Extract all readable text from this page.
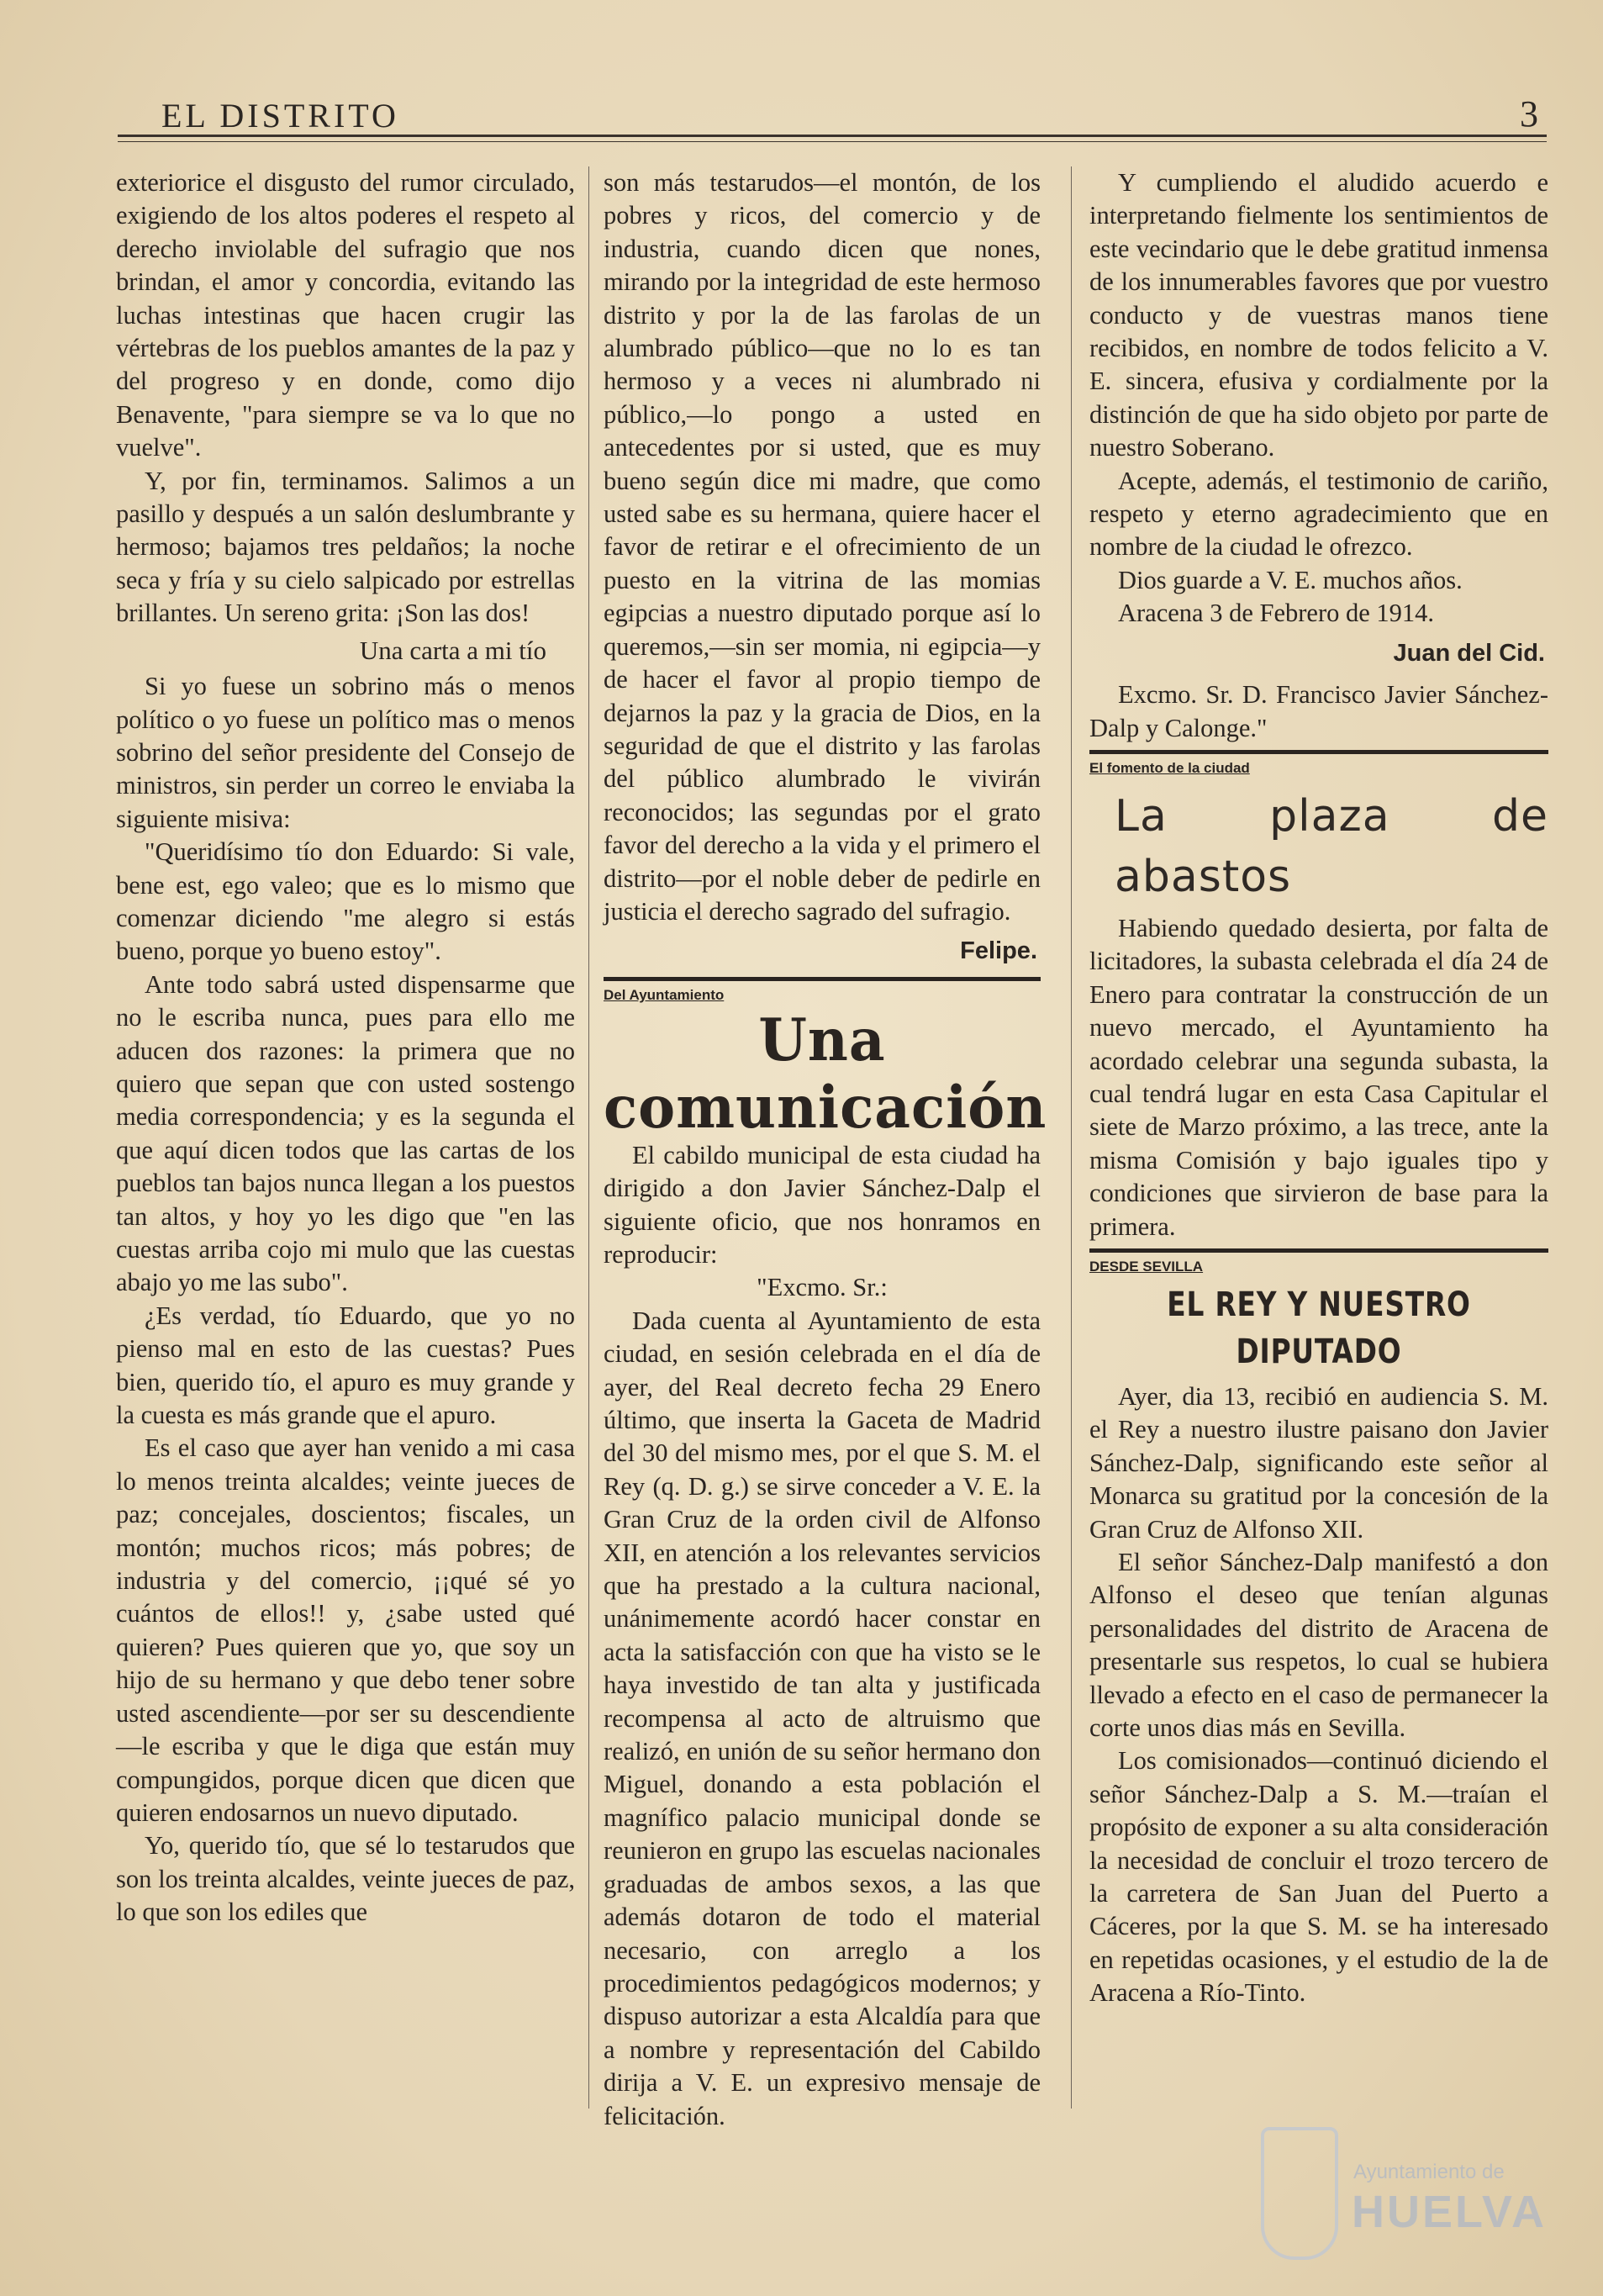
EL DISTRITO	3

exteriorice el disgusto del rumor circulado, exigiendo de los altos poderes el respeto al derecho inviolable del sufragio que nos brindan, el amor y concordia, evitando las luchas intestinas que hacen crugir las vértebras de los pueblos amantes de la paz y del progreso y en donde, como dijo Benavente, "para siempre se va lo que no vuelve".

Y, por fin, terminamos. Salimos a un pasillo y después a un salón deslumbrante y hermoso; bajamos tres peldaños; la noche seca y fría y su cielo salpicado por estrellas brillantes. Un sereno grita: ¡Son las dos!

Una carta a mi tío

Si yo fuese un sobrino más o menos político o yo fuese un político mas o menos sobrino del señor presidente del Consejo de ministros, sin perder un correo le enviaba la siguiente misiva:

"Queridísimo tío don Eduardo: Si vale, bene est, ego valeo; que es lo mismo que comenzar diciendo "me alegro si estás bueno, porque yo bueno estoy".

Ante todo sabrá usted dispensarme que no le escriba nunca, pues para ello me aducen dos razones: la primera que no quiero que sepan que con usted sostengo media correspondencia; y es la segunda el que aquí dicen todos que las cartas de los pueblos tan bajos nunca llegan a los puestos tan altos, y hoy yo les digo que "en las cuestas arriba cojo mi mulo que las cuestas abajo yo me las subo".

¿Es verdad, tío Eduardo, que yo no pienso mal en esto de las cuestas? Pues bien, querido tío, el apuro es muy grande y la cuesta es más grande que el apuro.

Es el caso que ayer han venido a mi casa lo menos treinta alcaldes; veinte jueces de paz; concejales, doscientos; fiscales, un montón; muchos ricos; más pobres; de industria y del comercio, ¡¡qué sé yo cuántos de ellos!! y, ¿sabe usted qué quieren? Pues quieren que yo, que soy un hijo de su hermano y que debo tener sobre usted ascendiente—por ser su descendiente—le escriba y que le diga que están muy compungidos, porque dicen que dicen que quieren endosarnos un nuevo diputado.

Yo, querido tío, que sé lo testarudos que son los treinta alcaldes, veinte jueces de paz, lo que son los ediles que

son más testarudos—el montón, de los pobres y ricos, del comercio y de industria, cuando dicen que nones, mirando por la integridad de este hermoso distrito y por la de las farolas de un alumbrado público—que no lo es tan hermoso y a veces ni alumbrado ni público,—lo pongo a usted en antecedentes por si usted, que es muy bueno según dice mi madre, que como usted sabe es su hermana, quiere hacer el favor de retirar e el ofrecimiento de un puesto en la vitrina de las momias egipcias a nuestro diputado porque así lo queremos,—sin ser momia, ni egipcia—y de hacer el favor al propio tiempo de dejarnos la paz y la gracia de Dios, en la seguridad de que el distrito y las farolas del público alumbrado le vivirán reconocidos; las segundas por el grato favor del derecho a la vida y el primero el distrito—por el noble deber de pedirle en justicia el derecho sagrado del sufragio.

Felipe.
Del Ayuntamiento
Una comunicación

El cabildo municipal de esta ciudad ha dirigido a don Javier Sánchez-Dalp el siguiente oficio, que nos honramos en reproducir:

"Excmo. Sr.:

Dada cuenta al Ayuntamiento de esta ciudad, en sesión celebrada en el día de ayer, del Real decreto fecha 29 Enero último, que inserta la Gaceta de Madrid del 30 del mismo mes, por el que S. M. el Rey (q. D. g.) se sirve conceder a V. E. la Gran Cruz de la orden civil de Alfonso XII, en atención a los relevantes servicios que ha prestado a la cultura nacional, unánimemente acordó hacer constar en acta la satisfacción con que ha visto se le haya investido de tan alta y justificada recompensa al acto de altruismo que realizó, en unión de su señor hermano don Miguel, donando a esta población el magnífico palacio municipal donde se reunieron en grupo las escuelas nacionales graduadas de ambos sexos, a las que además dotaron de todo el material necesario, con arreglo a los procedimientos pedagógicos modernos; y dispuso autorizar a esta Alcaldía para que a nombre y representación del Cabildo dirija a V. E. un expresivo mensaje de felicitación.

Y cumpliendo el aludido acuerdo e interpretando fielmente los sentimientos de este vecindario que le debe gratitud inmensa de los innumerables favores que por vuestro conducto y de vuestras manos tiene recibidos, en nombre de todos felicito a V. E. sincera, efusiva y cordialmente por la distinción de que ha sido objeto por parte de nuestro Soberano.

Acepte, además, el testimonio de cariño, respeto y eterno agradecimiento que en nombre de la ciudad le ofrezco.

Dios guarde a V. E. muchos años.

Aracena 3 de Febrero de 1914.

Juan del Cid.

Excmo. Sr. D. Francisco Javier Sánchez-Dalp y Calonge."

El fomento de la ciudad
La plaza de abastos

Habiendo quedado desierta, por falta de licitadores, la subasta celebrada el día 24 de Enero para contratar la construcción de un nuevo mercado, el Ayuntamiento ha acordado celebrar una segunda subasta, la cual tendrá lugar en esta Casa Capitular el siete de Marzo próximo, a las trece, ante la misma Comisión y bajo iguales tipo y condiciones que sirvieron de base para la primera.

DESDE SEVILLA
EL REY Y NUESTRO DIPUTADO

Ayer, dia 13, recibió en audiencia S. M. el Rey a nuestro ilustre paisano don Javier Sánchez-Dalp, significando este señor al Monarca su gratitud por la concesión de la Gran Cruz de Alfonso XII.

El señor Sánchez-Dalp manifestó a don Alfonso el deseo que tenían algunas personalidades del distrito de Aracena de presentarle sus respetos, lo cual se hubiera llevado a efecto en el caso de permanecer la corte unos dias más en Sevilla.

Los comisionados—continuó diciendo el señor Sánchez-Dalp a S. M.—traían el propósito de exponer a su alta consideración la necesidad de concluir el trozo tercero de la carretera de San Juan del Puerto a Cáceres, por la que S. M. se ha interesado en repetidas ocasiones, y el estudio de la de Aracena a Río-Tinto.

Ayuntamiento de
HUELVA
